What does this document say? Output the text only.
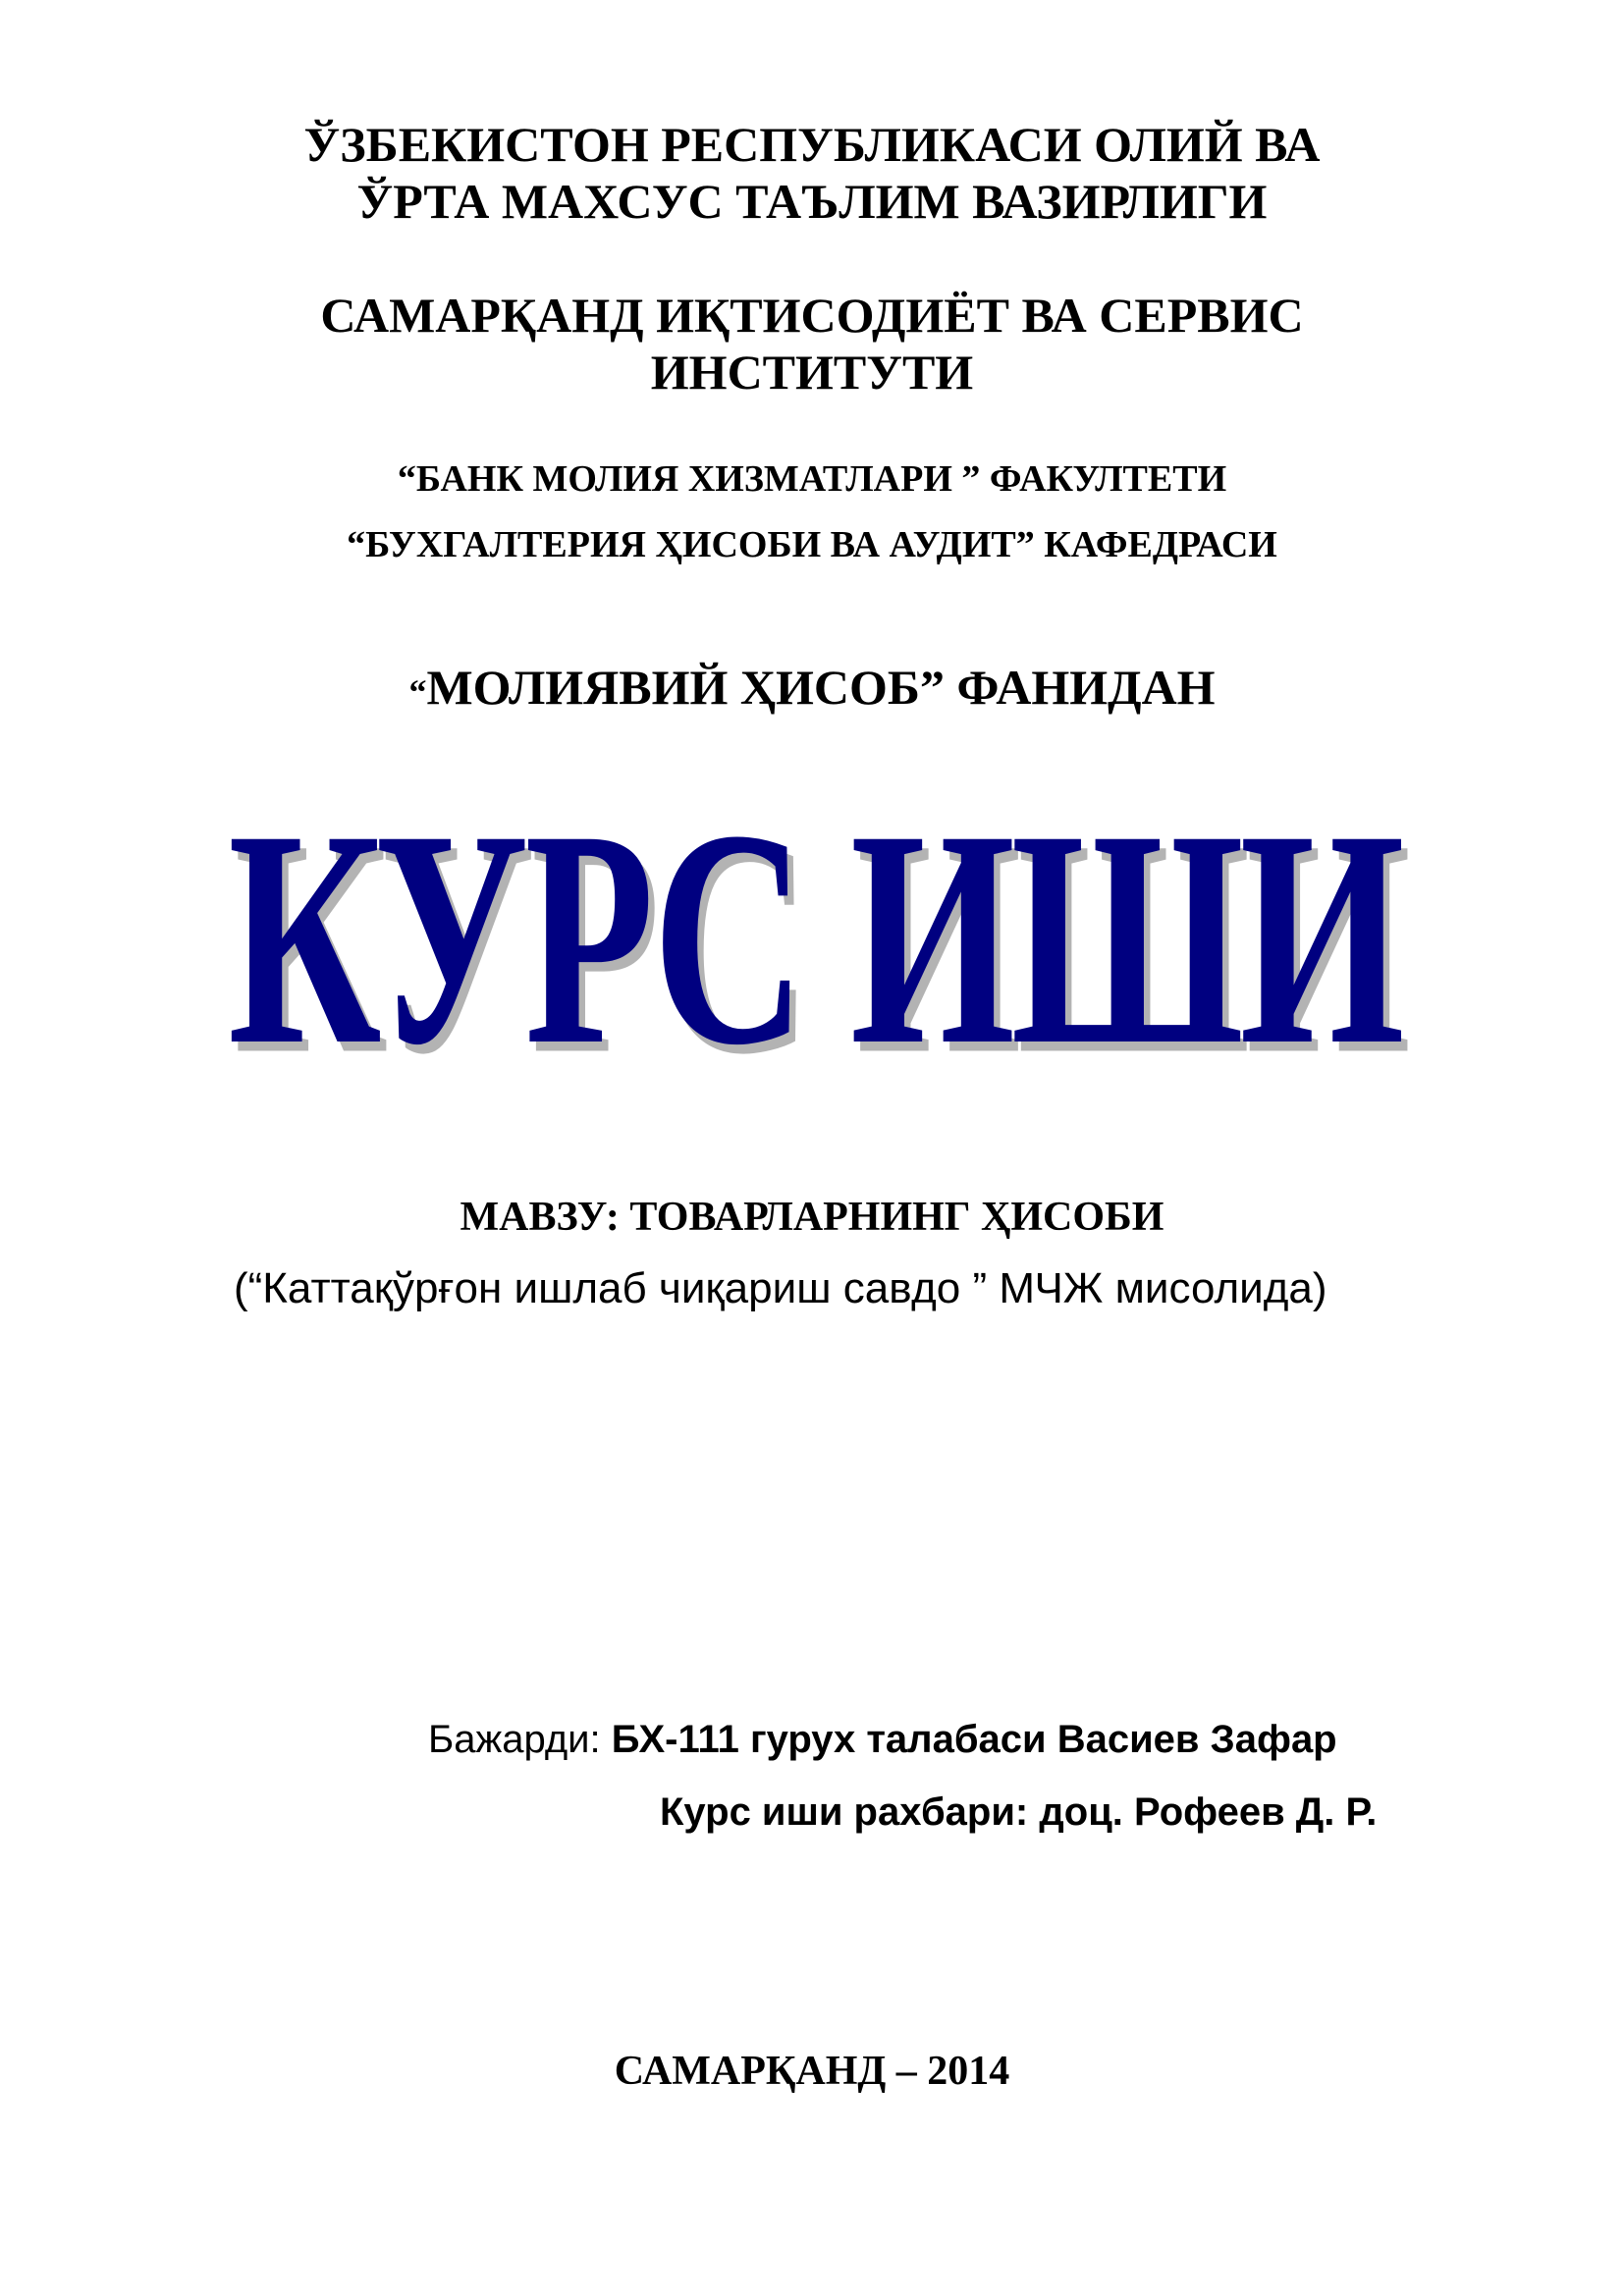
ЎЗБЕКИСТОН РЕСПУБЛИКАСИ ОЛИЙ ВА
ЎРТА МАХСУС ТАЪЛИМ ВАЗИРЛИГИ
САМАРҚАНД ИҚТИСОДИЁТ ВА СЕРВИС
ИНСТИТУТИ
“БАНК МОЛИЯ ХИЗМАТЛАРИ ” ФАКУЛТЕТИ
“БУХГАЛТЕРИЯ ҲИСОБИ ВА АУДИТ” КАФЕДРАСИ
“МОЛИЯВИЙ ҲИСОБ” ФАНИДАН
КУРС ИШИ
МАВЗУ: ТОВАРЛАРНИНГ ҲИСОБИ
(“Каттақўрғон ишлаб чиқариш савдо ” МЧЖ мисолида)
Бажарди: БХ-111 гурух талабаси Васиев Зафар
Курс иши рахбари: доц. Рофеев Д. Р.
САМАРҚАНД – 2014
